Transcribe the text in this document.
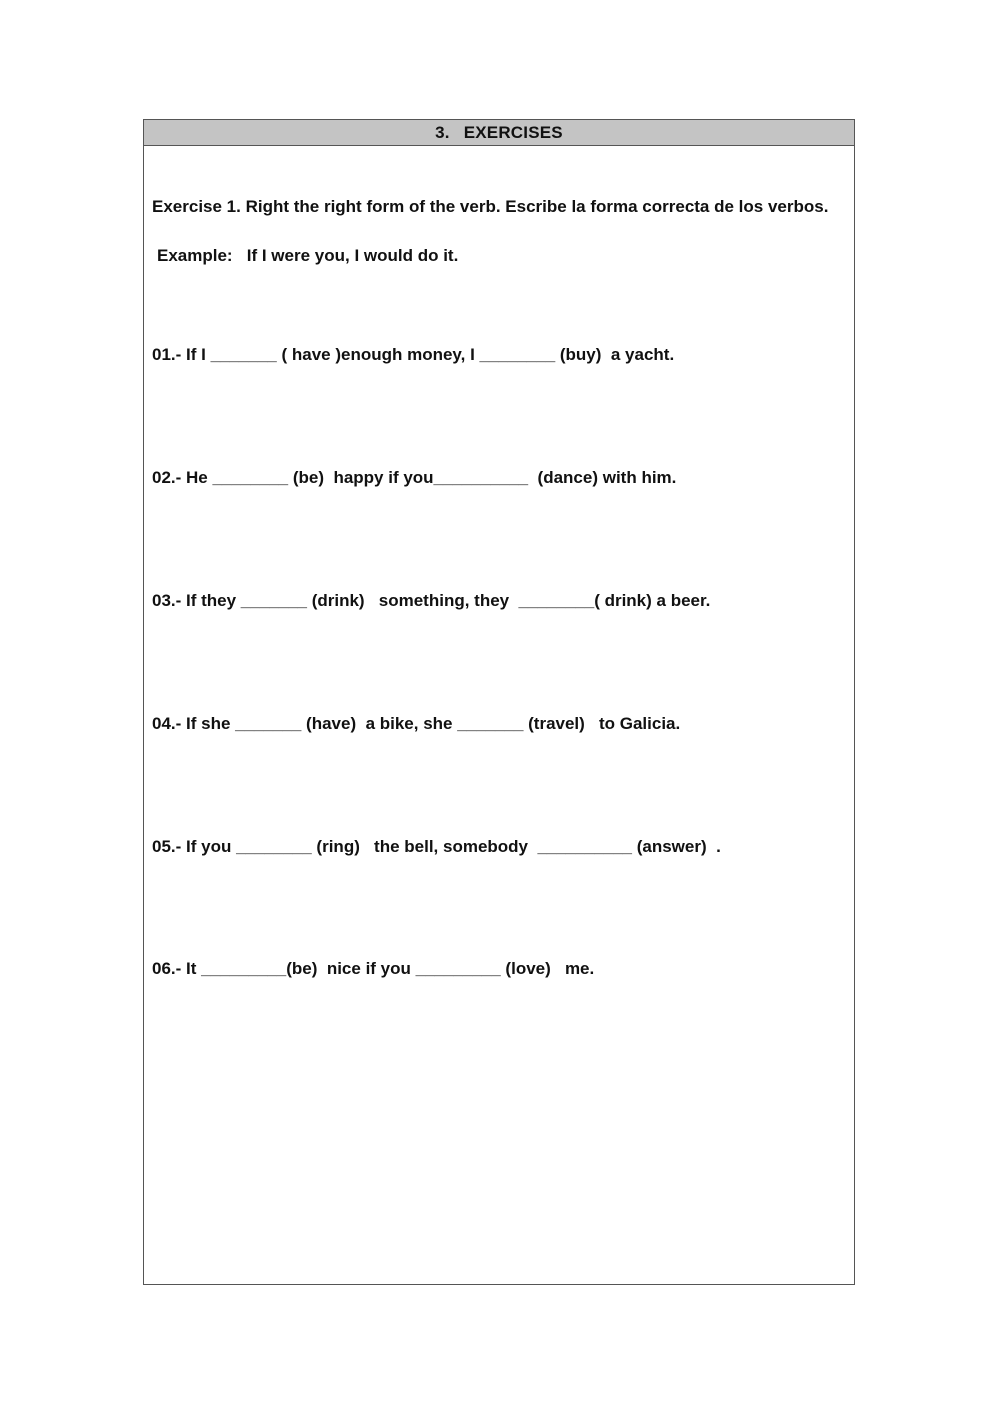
3. EXERCISES
Exercise 1. Right the right form of the verb. Escribe la forma correcta de los verbos.
Example:   If I were you, I would do it.
01.- If I _______ ( have )enough money, I ________ (buy)  a yacht.
02.- He ________ (be)  happy if you__________  (dance) with him.
03.- If they _______ (drink)   something, they  ________( drink) a beer.
04.- If she _______ (have)  a bike, she _______ (travel)   to Galicia.
05.- If you ________ (ring)   the bell, somebody  __________ (answer)  .
06.- It _________(be)  nice if you _________ (love)   me.
